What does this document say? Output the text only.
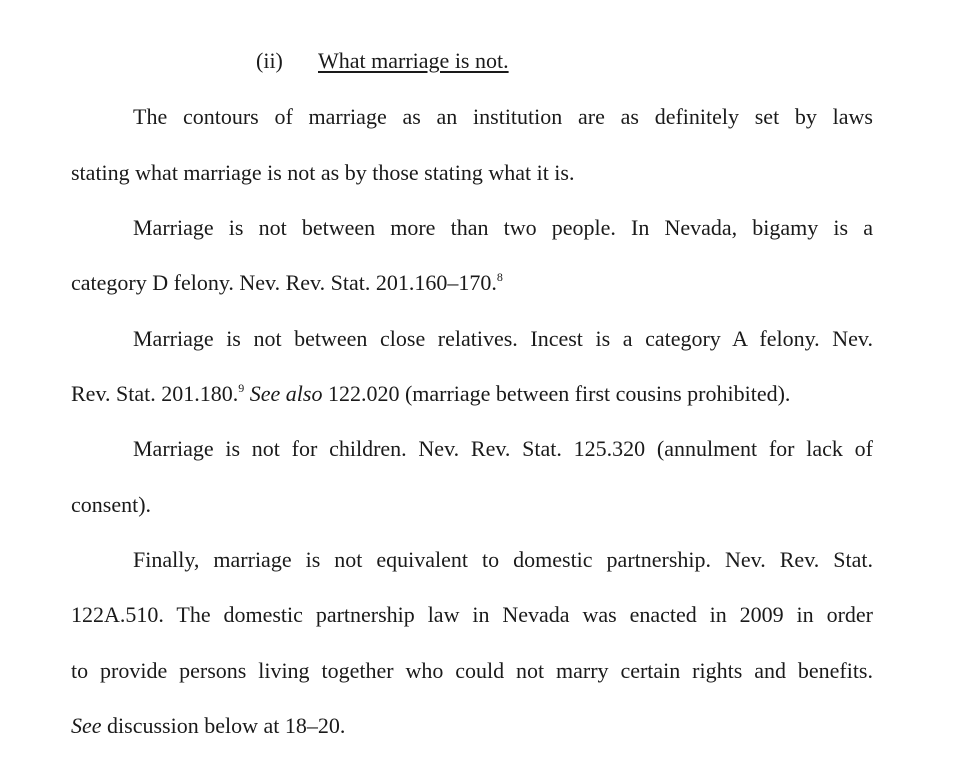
(ii) What marriage is not.
The contours of marriage as an institution are as definitely set by laws
stating what marriage is not as by those stating what it is.
Marriage is not between more than two people. In Nevada, bigamy is a
category D felony. Nev. Rev. Stat. 201.160–170.$^8$
Marriage is not between close relatives. Incest is a category A felony. Nev.
Rev. Stat. 201.180.$^9$ See also 122.020 (marriage between first cousins prohibited).
Marriage is not for children. Nev. Rev. Stat. 125.320 (annulment for lack of
consent).
Finally, marriage is not equivalent to domestic partnership. Nev. Rev. Stat.
122A.510. The domestic partnership law in Nevada was enacted in 2009 in order
to provide persons living together who could not marry certain rights and benefits.
See discussion below at 18–20.
